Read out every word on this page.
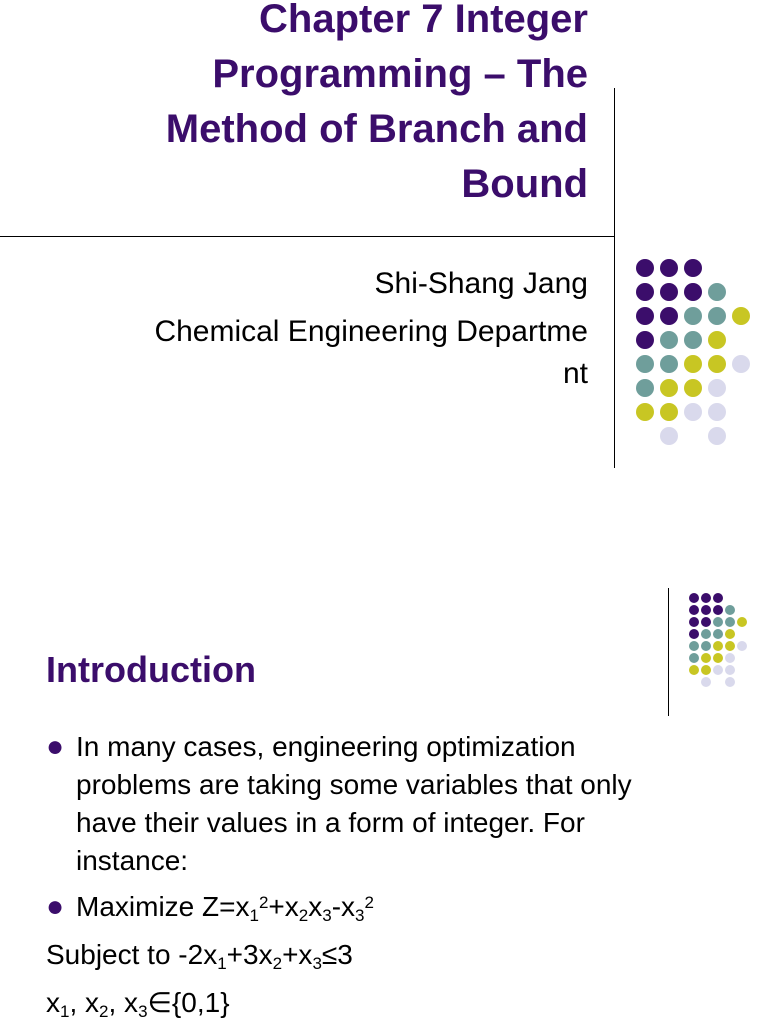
Chapter 7 Integer
Programming – The
Method of Branch and
Bound
Shi-Shang Jang
Chemical Engineering Departme
nt
Introduction
● In many cases, engineering optimization
problems are taking some variables that only
have their values in a form of integer. For
instance:
● Maximize $Z=x_1^2+x_2x_3-x_3^2$
Subject to $-2x_1+3x_2+x_3\le 3$
$x_1$, $x_2$, $x_3\in\{0,1\}$
